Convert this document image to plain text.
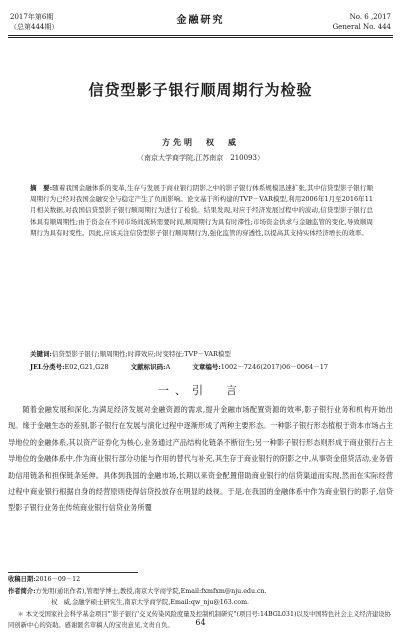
2017年第6期
（总第444期）
金融研究	No. 6 ,2017
General No. 444
信贷型影子银行顺周期行为检验
方先明　权　威
（南京大学商学院,江苏南京　210093）
摘　要:随着我国金融体系的变革,生存与发展于商业银行阴影之中的影子银行体系规模迅速扩张,其中信贷型影子银行顺周期行为已经对我国金融安全与稳定产生了负面影响。论文基于所构建的TVP－VAR模型,利用2006年1月至2016年11月相关数据,对我国信贷型影子银行顺周期行为进行了检验。结果发现,对应于经济发展过程中的波动,信贷型影子银行总体具有顺周期性;由于资金在不同市场间流转需要时间,顺周期行为具有时滞性;市场资金供求与金融监管的变化,导致顺周期行为具有时变性。因此,应该关注信贷型影子银行顺周期行为,强化监管的穿透性,以提高其支持实体经济增长的效率。
关键词:信贷型影子银行;顺周期性;时滞效应;时变特征;TVP－VAR模型
JEL分类号:E02,G21,G28	文献标识码:A	文章编号:1002－7246(2017)06－0064－17
一、引　言
随着金融发展和深化,为满足经济发展对金融资源的需求,提升金融市场配置资源的效率,影子银行业务和机构开始出现。缘于金融生态的差别,影子银行在发展与演化过程中逐渐形成了两种主要形态。一种影子银行形态植根于资本市场占主导地位的金融体系,其以资产证券化为核心,业务通过产品结构化链条不断衍生;另一种影子银行形态则形成于商业银行占主导地位的金融体系中,作为商业银行部分功能与作用的替代与补充,其生存于商业银行的阴影之中,从事资金借贷活动,业务借助信用链条和担保链条延伸。具体到我国的金融市场,长期以来资金配置借助商业银行的信贷渠道而实现,然而在实际经营过程中商业银行根据自身的经营原则使得信贷投放存在明显的歧视。于是,在我国的金融体系中作为商业银行的影子,信贷型影子银行业务在传统商业银行信贷业务所覆

收稿日期:2016－09－12

作者简介:方先明(通讯作者),管理学博士,教授,南京大学商学院,Email:fxmfxm@nju.edu.cn.

权　威,金融学硕士研究生,南京大学商学院,Email:qw_nju@163.com.

＊ 本文受国家社会科学基金项目"'影子银行'交叉传染风险度量及控制机制研究"(项目号:14BGL031)以及中国特色社会主义经济建设协同创新中心的资助。感谢匿名审稿人的宝贵意见,文责自负。	64
